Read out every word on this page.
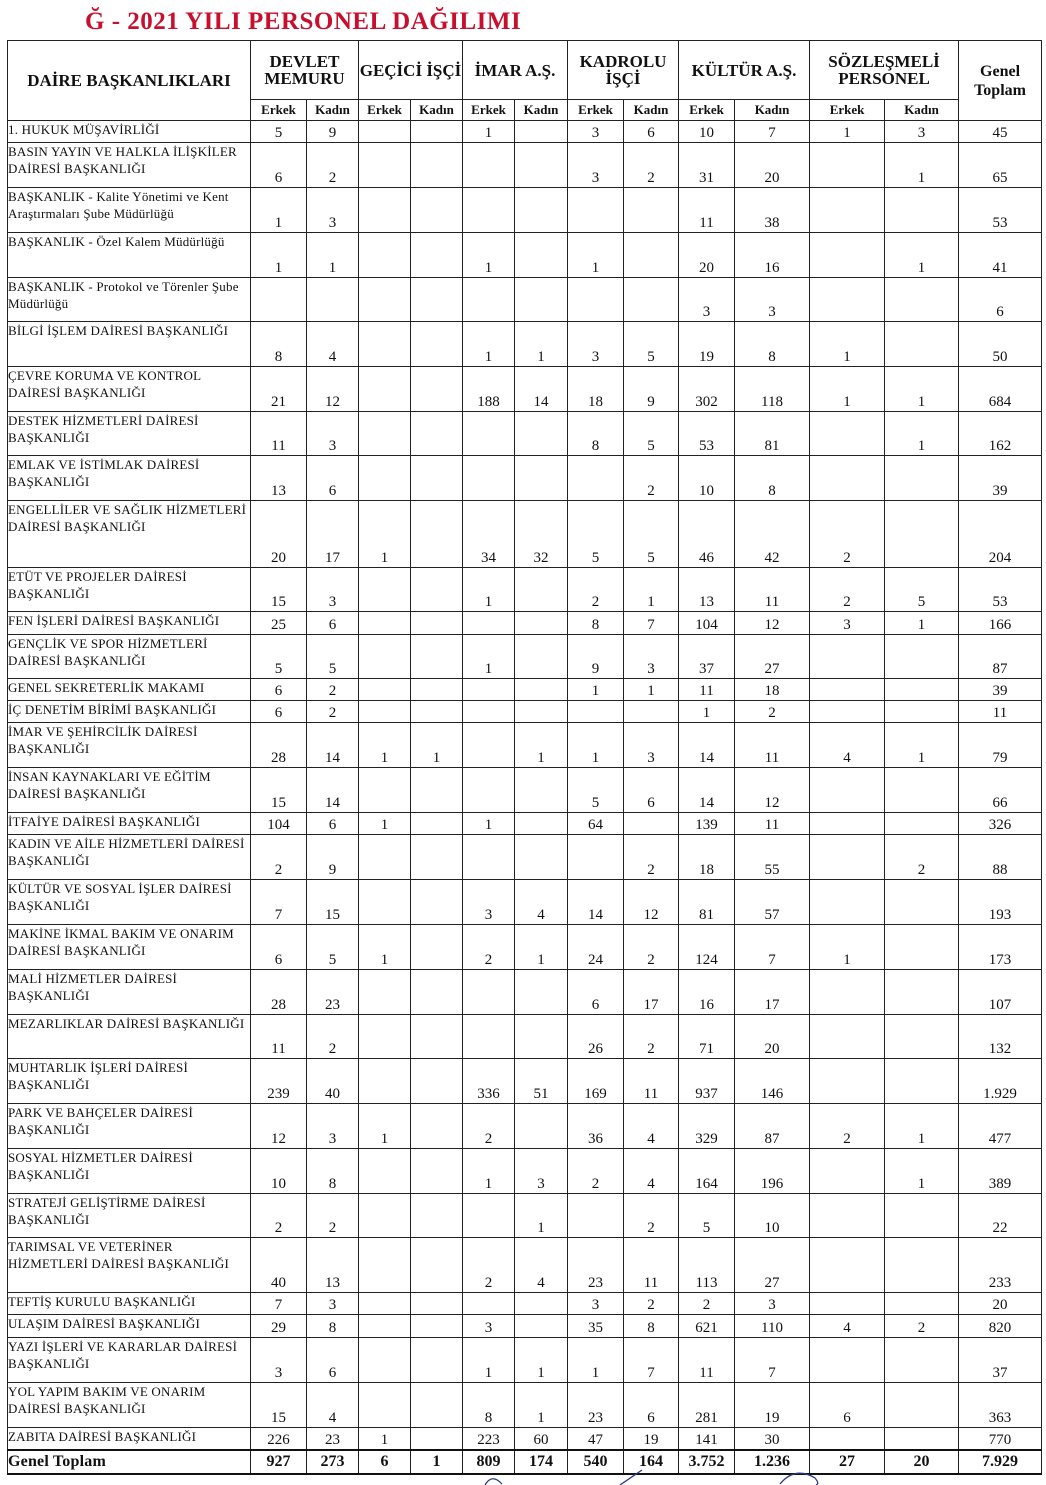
Ğ - 2021 YILI PERSONEL DAĞILIMI
DAİRE BAŞKANLIKLARI	DEVLET MEMURU		GEÇİCİ İŞÇİ		İMAR A.Ş.		KADROLU İŞÇİ		KÜLTÜR A.Ş.		SÖZLEŞMELİ PERSONEL		Genel Toplam
	Erkek	Kadın	Erkek	Kadın	Erkek	Kadın	Erkek	Kadın	Erkek	Kadın	Erkek	Kadın	
1. HUKUK MÜŞAVİRLİĞİ	5	9			1		3	6	10	7	1	3	45
BASIN YAYIN VE HALKLA İLİŞKİLER DAİRESİ BAŞKANLIĞI	6	2					3	2	31	20		1	65
BAŞKANLIK - Kalite Yönetimi ve Kent Araştırmaları Şube Müdürlüğü	1	3							11	38			53
BAŞKANLIK - Özel Kalem Müdürlüğü	1	1			1		1		20	16		1	41
BAŞKANLIK - Protokol ve Törenler Şube Müdürlüğü									3	3			6
BİLGİ İŞLEM DAİRESİ BAŞKANLIĞI	8	4			1	1	3	5	19	8	1		50
ÇEVRE KORUMA VE KONTROL DAİRESİ BAŞKANLIĞI	21	12			188	14	18	9	302	118	1	1	684
DESTEK HİZMETLERİ DAİRESİ BAŞKANLIĞI	11	3					8	5	53	81		1	162
EMLAK VE İSTİMLAK DAİRESİ BAŞKANLIĞI	13	6						2	10	8			39
ENGELLİLER VE SAĞLIK HİZMETLERİ DAİRESİ BAŞKANLIĞI	20	17	1		34	32	5	5	46	42	2		204
ETÜT VE PROJELER DAİRESİ BAŞKANLIĞI	15	3			1		2	1	13	11	2	5	53
FEN İŞLERİ DAİRESİ BAŞKANLIĞI	25	6					8	7	104	12	3	1	166
GENÇLİK VE SPOR HİZMETLERİ DAİRESİ BAŞKANLIĞI	5	5			1		9	3	37	27			87
GENEL SEKRETERLİK MAKAMI	6	2					1	1	11	18			39
İÇ DENETİM BİRİMİ BAŞKANLIĞI	6	2							1	2			11
İMAR VE ŞEHİRCİLİK DAİRESİ BAŞKANLIĞI	28	14	1	1		1	1	3	14	11	4	1	79
İNSAN KAYNAKLARI VE EĞİTİM DAİRESİ BAŞKANLIĞI	15	14					5	6	14	12			66
İTFAİYE DAİRESİ BAŞKANLIĞI	104	6	1		1		64		139	11			326
KADIN VE AİLE HİZMETLERİ DAİRESİ BAŞKANLIĞI	2	9						2	18	55		2	88
KÜLTÜR VE SOSYAL İŞLER DAİRESİ BAŞKANLIĞI	7	15			3	4	14	12	81	57			193
MAKİNE İKMAL BAKIM VE ONARIM DAİRESİ BAŞKANLIĞI	6	5	1		2	1	24	2	124	7	1		173
MALİ HİZMETLER DAİRESİ BAŞKANLIĞI	28	23					6	17	16	17			107
MEZARLIKLAR DAİRESİ BAŞKANLIĞI	11	2					26	2	71	20			132
MUHTARLIK İŞLERİ DAİRESİ BAŞKANLIĞI	239	40			336	51	169	11	937	146			1.929
PARK VE BAHÇELER DAİRESİ BAŞKANLIĞI	12	3	1		2		36	4	329	87	2	1	477
SOSYAL HİZMETLER DAİRESİ BAŞKANLIĞI	10	8			1	3	2	4	164	196		1	389
STRATEJİ GELİŞTİRME DAİRESİ BAŞKANLIĞI	2	2				1		2	5	10			22
TARIMSAL VE VETERİNER HİZMETLERİ DAİRESİ BAŞKANLIĞI	40	13			2	4	23	11	113	27			233
TEFTİŞ KURULU BAŞKANLIĞI	7	3					3	2	2	3			20
ULAŞIM DAİRESİ BAŞKANLIĞI	29	8			3		35	8	621	110	4	2	820
YAZI İŞLERİ VE KARARLAR DAİRESİ BAŞKANLIĞI	3	6			1	1	1	7	11	7			37
YOL YAPIM BAKIM VE ONARIM DAİRESİ BAŞKANLIĞI	15	4			8	1	23	6	281	19	6		363
ZABITA DAİRESİ BAŞKANLIĞI	226	23	1		223	60	47	19	141	30			770
Genel Toplam	927	273	6	1	809	174	540	164	3.752	1.236	27	20	7.929
